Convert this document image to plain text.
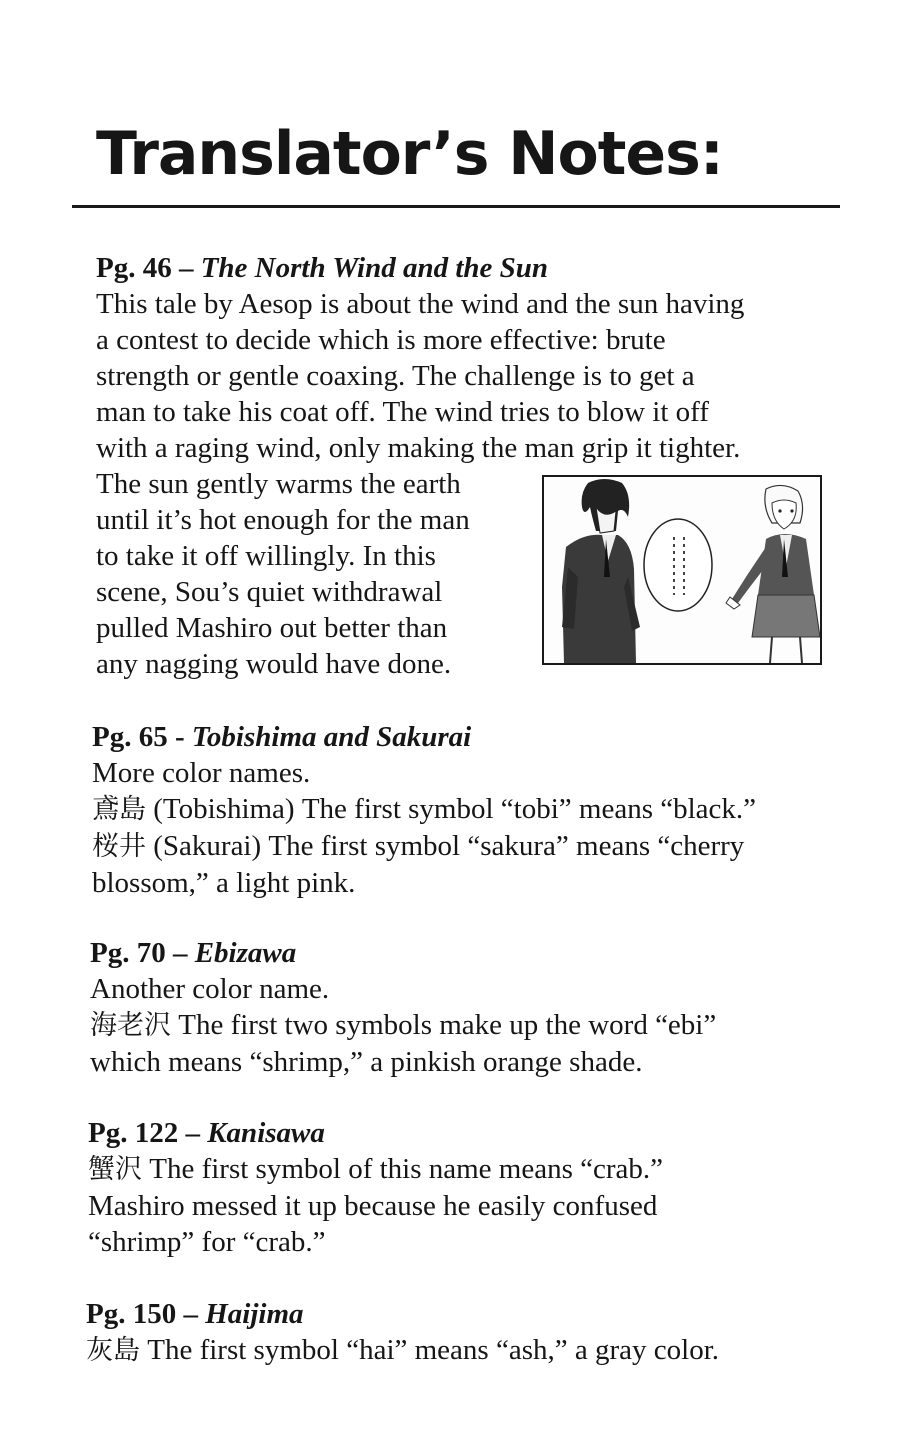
Translator’s Notes:

Pg. 46 – The North Wind and the Sun

This tale by Aesop is about the wind and the sun having

a contest to decide which is more effective: brute

strength or gentle coaxing. The challenge is to get a

man to take his coat off. The wind tries to blow it off

with a raging wind, only making the man grip it tighter.

The sun gently warms the earth

until it’s hot enough for the man

to take it off willingly. In this

scene, Sou’s quiet withdrawal

pulled Mashiro out better than

any nagging would have done.

Pg. 65 - Tobishima and Sakurai

More color names.

鳶島 (Tobishima) The first symbol “tobi” means “black.”

桜井 (Sakurai) The first symbol “sakura” means “cherry

blossom,” a light pink.

Pg. 70 – Ebizawa

Another color name.

海老沢 The first two symbols make up the word “ebi”

which means “shrimp,” a pinkish orange shade.

Pg. 122 – Kanisawa

蟹沢 The first symbol of this name means “crab.”

Mashiro messed it up because he easily confused

“shrimp” for “crab.”

Pg. 150 – Haijima

灰島 The first symbol “hai” means “ash,” a gray color.
